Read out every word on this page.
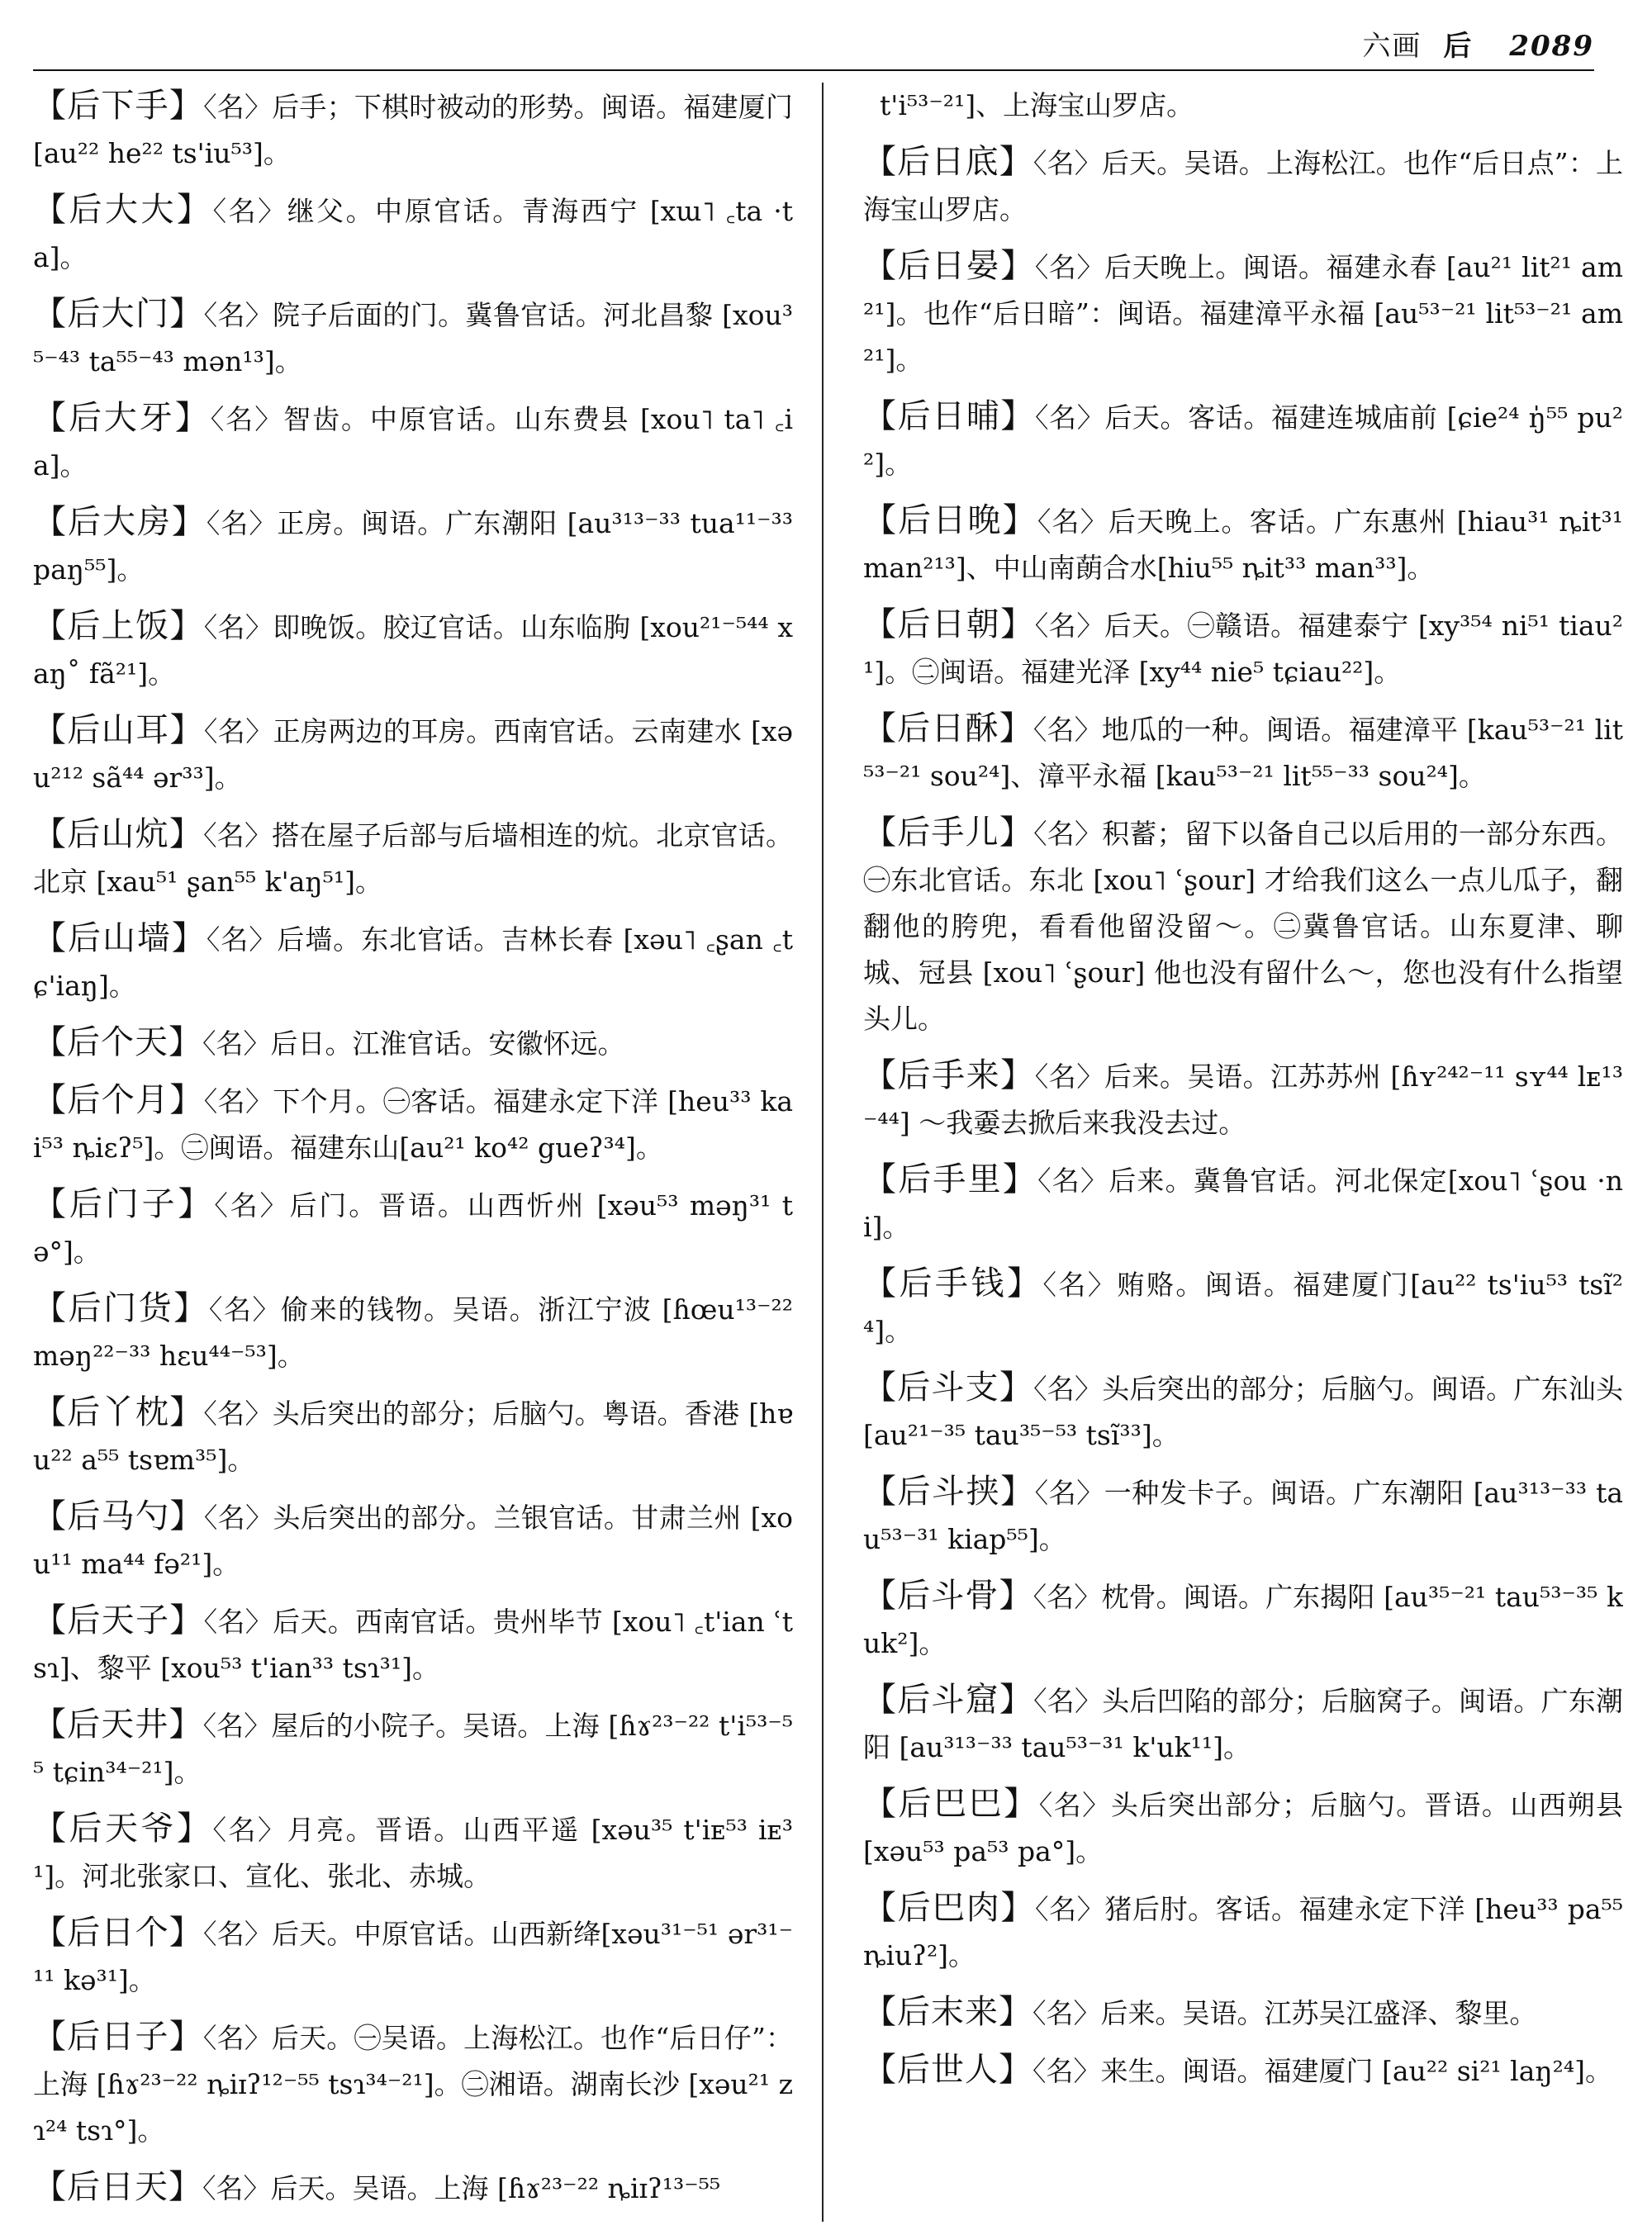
六画 后 2089
【后下手】〈名〉后手；下棋时被动的形势。闽语。福建厦门 [au²² he²² ts'iu⁵³]。
【后大大】〈名〉继父。中原官话。青海西宁 [xɯ˥ ꜀ta ·ta]。
【后大门】〈名〉院子后面的门。冀鲁官话。河北昌黎 [xou³⁵⁻⁴³ ta⁵⁵⁻⁴³ mən¹³]。
【后大牙】〈名〉智齿。中原官话。山东费县 [xou˥ ta˥ ꜀ia]。
【后大房】〈名〉正房。闽语。广东潮阳 [au³¹³⁻³³ tua¹¹⁻³³ paŋ⁵⁵]。
【后上饭】〈名〉即晚饭。胶辽官话。山东临朐 [xou²¹⁻⁵⁴⁴ xaŋ˚ fã²¹]。
【后山耳】〈名〉正房两边的耳房。西南官话。云南建水 [xəu²¹² sã⁴⁴ ər³³]。
【后山炕】〈名〉搭在屋子后部与后墙相连的炕。北京官话。北京 [xau⁵¹ ʂan⁵⁵ k'aŋ⁵¹]。
【后山墙】〈名〉后墙。东北官话。吉林长春 [xəu˥ ꜀ʂan ꜀tɕ'iaŋ]。
【后个天】〈名〉后日。江淮官话。安徽怀远。
【后个月】〈名〉下个月。㊀客话。福建永定下洋 [heu³³ kai⁵³ ȵiɛʔ⁵]。㊁闽语。福建东山[au²¹ ko⁴² gueʔ³⁴]。
【后门子】〈名〉后门。晋语。山西忻州 [xəu⁵³ məŋ³¹ tə°]。
【后门货】〈名〉偷来的钱物。吴语。浙江宁波 [ɦœu¹³⁻²² məŋ²²⁻³³ hɛu⁴⁴⁻⁵³]。
【后丫枕】〈名〉头后突出的部分；后脑勺。粤语。香港 [hɐu²² a⁵⁵ tsɐm³⁵]。
【后马勺】〈名〉头后突出的部分。兰银官话。甘肃兰州 [xou¹¹ ma⁴⁴ fə²¹]。
【后天子】〈名〉后天。西南官话。贵州毕节 [xou˥ ꜀t'ian ʿtsɿ]、黎平 [xou⁵³ t'ian³³ tsɿ³¹]。
【后天井】〈名〉屋后的小院子。吴语。上海 [ɦɤ²³⁻²² t'i⁵³⁻⁵⁵ tɕin³⁴⁻²¹]。
【后天爷】〈名〉月亮。晋语。山西平遥 [xəu³⁵ t'iᴇ⁵³ iᴇ³¹]。河北张家口、宣化、张北、赤城。
【后日个】〈名〉后天。中原官话。山西新绛[xəu³¹⁻⁵¹ ər³¹⁻¹¹ kə³¹]。
【后日子】〈名〉后天。㊀吴语。上海松江。也作“后日仔”：上海 [ɦɤ²³⁻²² ȵiɪʔ¹²⁻⁵⁵ tsɿ³⁴⁻²¹]。㊁湘语。湖南长沙 [xəu²¹ zɿ²⁴ tsɿ°]。
【后日天】〈名〉后天。吴语。上海 [ɦɤ²³⁻²² ȵiɪʔ¹³⁻⁵⁵
t'i⁵³⁻²¹]、上海宝山罗店。
【后日底】〈名〉后天。吴语。上海松江。也作“后日点”：上海宝山罗店。
【后日晏】〈名〉后天晚上。闽语。福建永春 [au²¹ lit²¹ am²¹]。也作“后日暗”：闽语。福建漳平永福 [au⁵³⁻²¹ lit⁵³⁻²¹ am²¹]。
【后日晡】〈名〉后天。客话。福建连城庙前 [ɕie²⁴ ŋ̍⁵⁵ pu²²]。
【后日晚】〈名〉后天晚上。客话。广东惠州 [hiau³¹ ȵit³¹ man²¹³]、中山南蓢合水[hiu⁵⁵ ȵit³³ man³³]。
【后日朝】〈名〉后天。㊀赣语。福建泰宁 [xy³⁵⁴ ni⁵¹ tiau²¹]。㊁闽语。福建光泽 [xy⁴⁴ nie⁵ tɕiau²²]。
【后日酥】〈名〉地瓜的一种。闽语。福建漳平 [kau⁵³⁻²¹ lit⁵³⁻²¹ sou²⁴]、漳平永福 [kau⁵³⁻²¹ lit⁵⁵⁻³³ sou²⁴]。
【后手儿】〈名〉积蓄；留下以备自己以后用的一部分东西。㊀东北官话。东北 [xou˥ ʿʂour] 才给我们这么一点儿瓜子，翻翻他的胯兜，看看他留没留～。㊁冀鲁官话。山东夏津、聊城、冠县 [xou˥ ʿʂour] 他也没有留什么～，您也没有什么指望头儿。
【后手来】〈名〉后来。吴语。江苏苏州 [ɦʏ²⁴²⁻¹¹ sʏ⁴⁴ lᴇ¹³⁻⁴⁴] ～我嫑去掀后来我没去过。
【后手里】〈名〉后来。冀鲁官话。河北保定[xou˥ ʿʂou ·ni]。
【后手钱】〈名〉贿赂。闽语。福建厦门[au²² ts'iu⁵³ tsĩ²⁴]。
【后斗支】〈名〉头后突出的部分；后脑勺。闽语。广东汕头 [au²¹⁻³⁵ tau³⁵⁻⁵³ tsĩ³³]。
【后斗挟】〈名〉一种发卡子。闽语。广东潮阳 [au³¹³⁻³³ tau⁵³⁻³¹ kiap⁵⁵]。
【后斗骨】〈名〉枕骨。闽语。广东揭阳 [au³⁵⁻²¹ tau⁵³⁻³⁵ kuk²]。
【后斗窟】〈名〉头后凹陷的部分；后脑窝子。闽语。广东潮阳 [au³¹³⁻³³ tau⁵³⁻³¹ k'uk¹¹]。
【后巴巴】〈名〉头后突出部分；后脑勺。晋语。山西朔县 [xəu⁵³ pa⁵³ pa°]。
【后巴肉】〈名〉猪后肘。客话。福建永定下洋 [heu³³ pa⁵⁵ ȵiuʔ²]。
【后末来】〈名〉后来。吴语。江苏吴江盛泽、黎里。
【后世人】〈名〉来生。闽语。福建厦门 [au²² si²¹ laŋ²⁴]。
